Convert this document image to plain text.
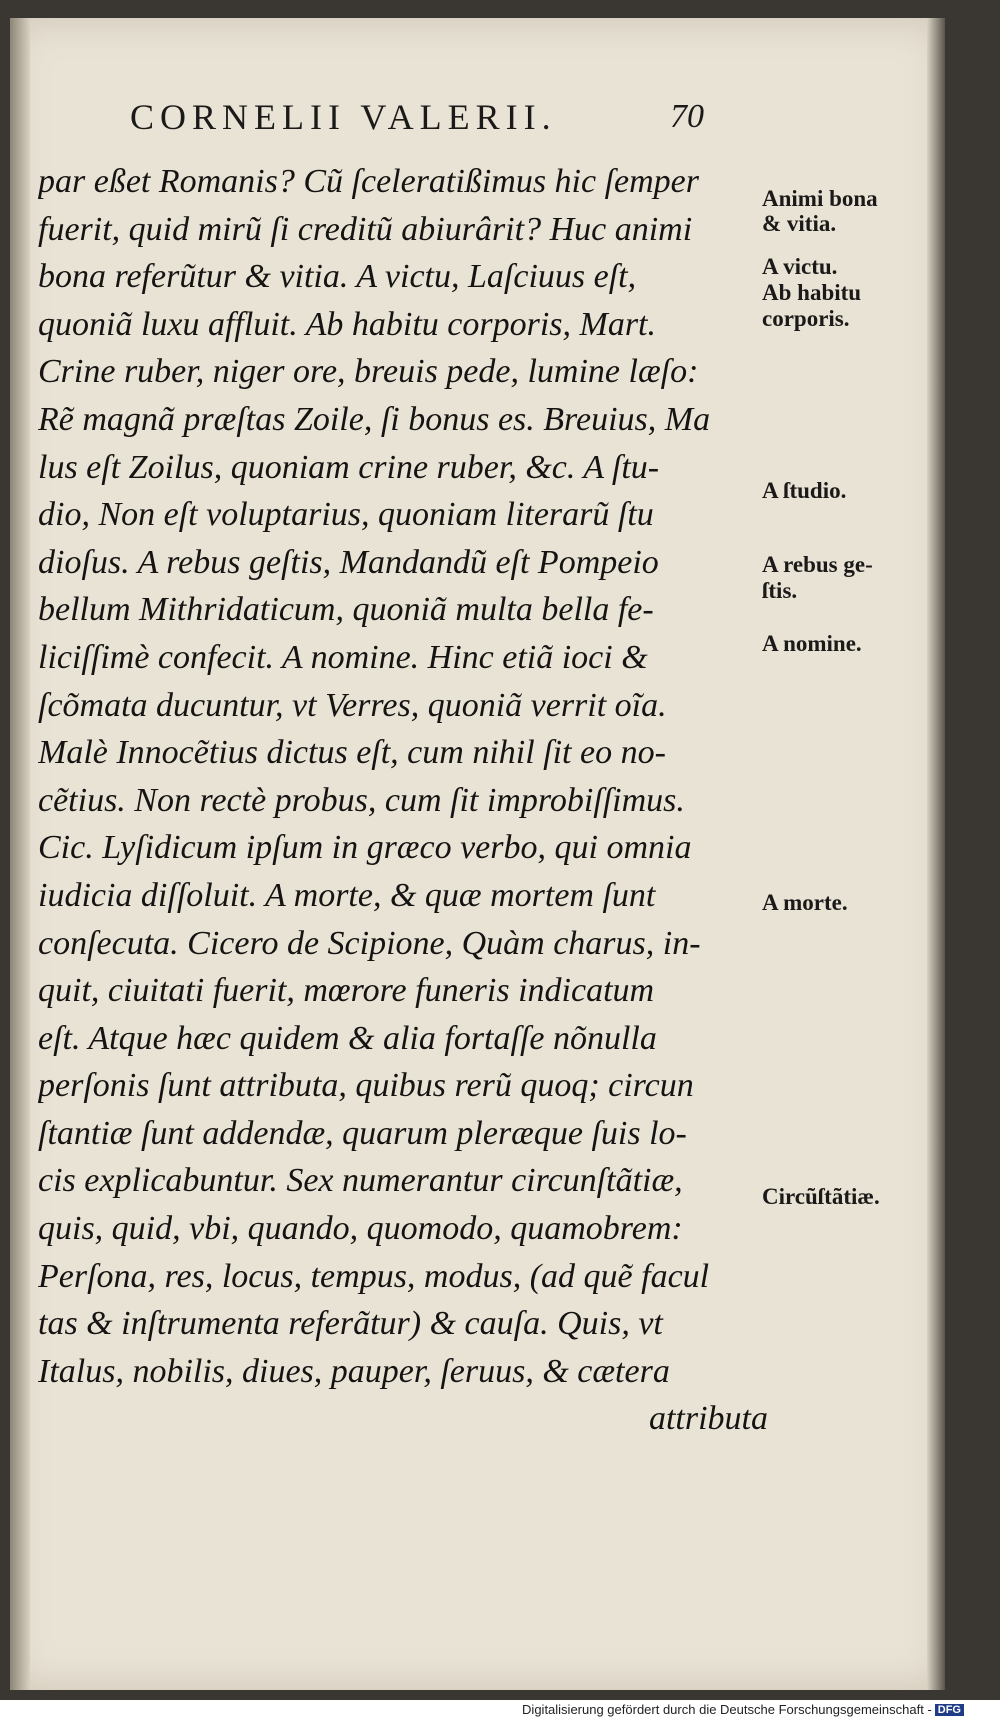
CORNELII VALERII.	70
par eßet Romanis? Cũ ſceleratißimus hic ſemper
fuerit, quid mirũ ſi creditũ abiurârit? Huc animi
bona referũtur & vitia. A victu, Laſciuus eſt,
quoniã luxu affluit. Ab habitu corporis, Mart.
Crine ruber, niger ore, breuis pede, lumine læſo:
Rẽ magnã præſtas Zoile, ſi bonus es. Breuius, Ma
lus eſt Zoilus, quoniam crine ruber, &c. A ſtu-
dio, Non eſt voluptarius, quoniam literarũ ſtu
dioſus. A rebus geſtis, Mandandũ eſt Pompeio
bellum Mithridaticum, quoniã multa bella fe-
liciſſimè confecit. A nomine. Hinc etiã ioci &
ſcõmata ducuntur, vt Verres, quoniã verrit oĩa.
Malè Innocẽtius dictus eſt, cum nihil ſit eo no-
cẽtius. Non rectè probus, cum ſit improbiſſimus.
Cic. Lyſidicum ipſum in græco verbo, qui omnia
iudicia diſſoluit. A morte, & quæ mortem ſunt
conſecuta. Cicero de Scipione, Quàm charus, in-
quit, ciuitati fuerit, mœrore funeris indicatum
eſt. Atque hæc quidem & alia fortaſſe nõnulla
perſonis ſunt attributa, quibus rerũ quoq; circun
ſtantiæ ſunt addendæ, quarum pleræque ſuis lo-
cis explicabuntur. Sex numerantur circunſtãtiæ,
quis, quid, vbi, quando, quomodo, quamobrem:
Perſona, res, locus, tempus, modus, (ad quẽ facul
tas & inſtrumenta referãtur) & cauſa. Quis, vt
Italus, nobilis, diues, pauper, ſeruus, & cætera
attributa
Animi bona
& vitia.
A victu.
Ab habitu
corporis.
A ſtudio.
A rebus ge-
ſtis.
A nomine.
A morte.
Circũſtãtiæ.
Digitalisierung gefördert durch die Deutsche Forschungsgemeinschaft - DFG
